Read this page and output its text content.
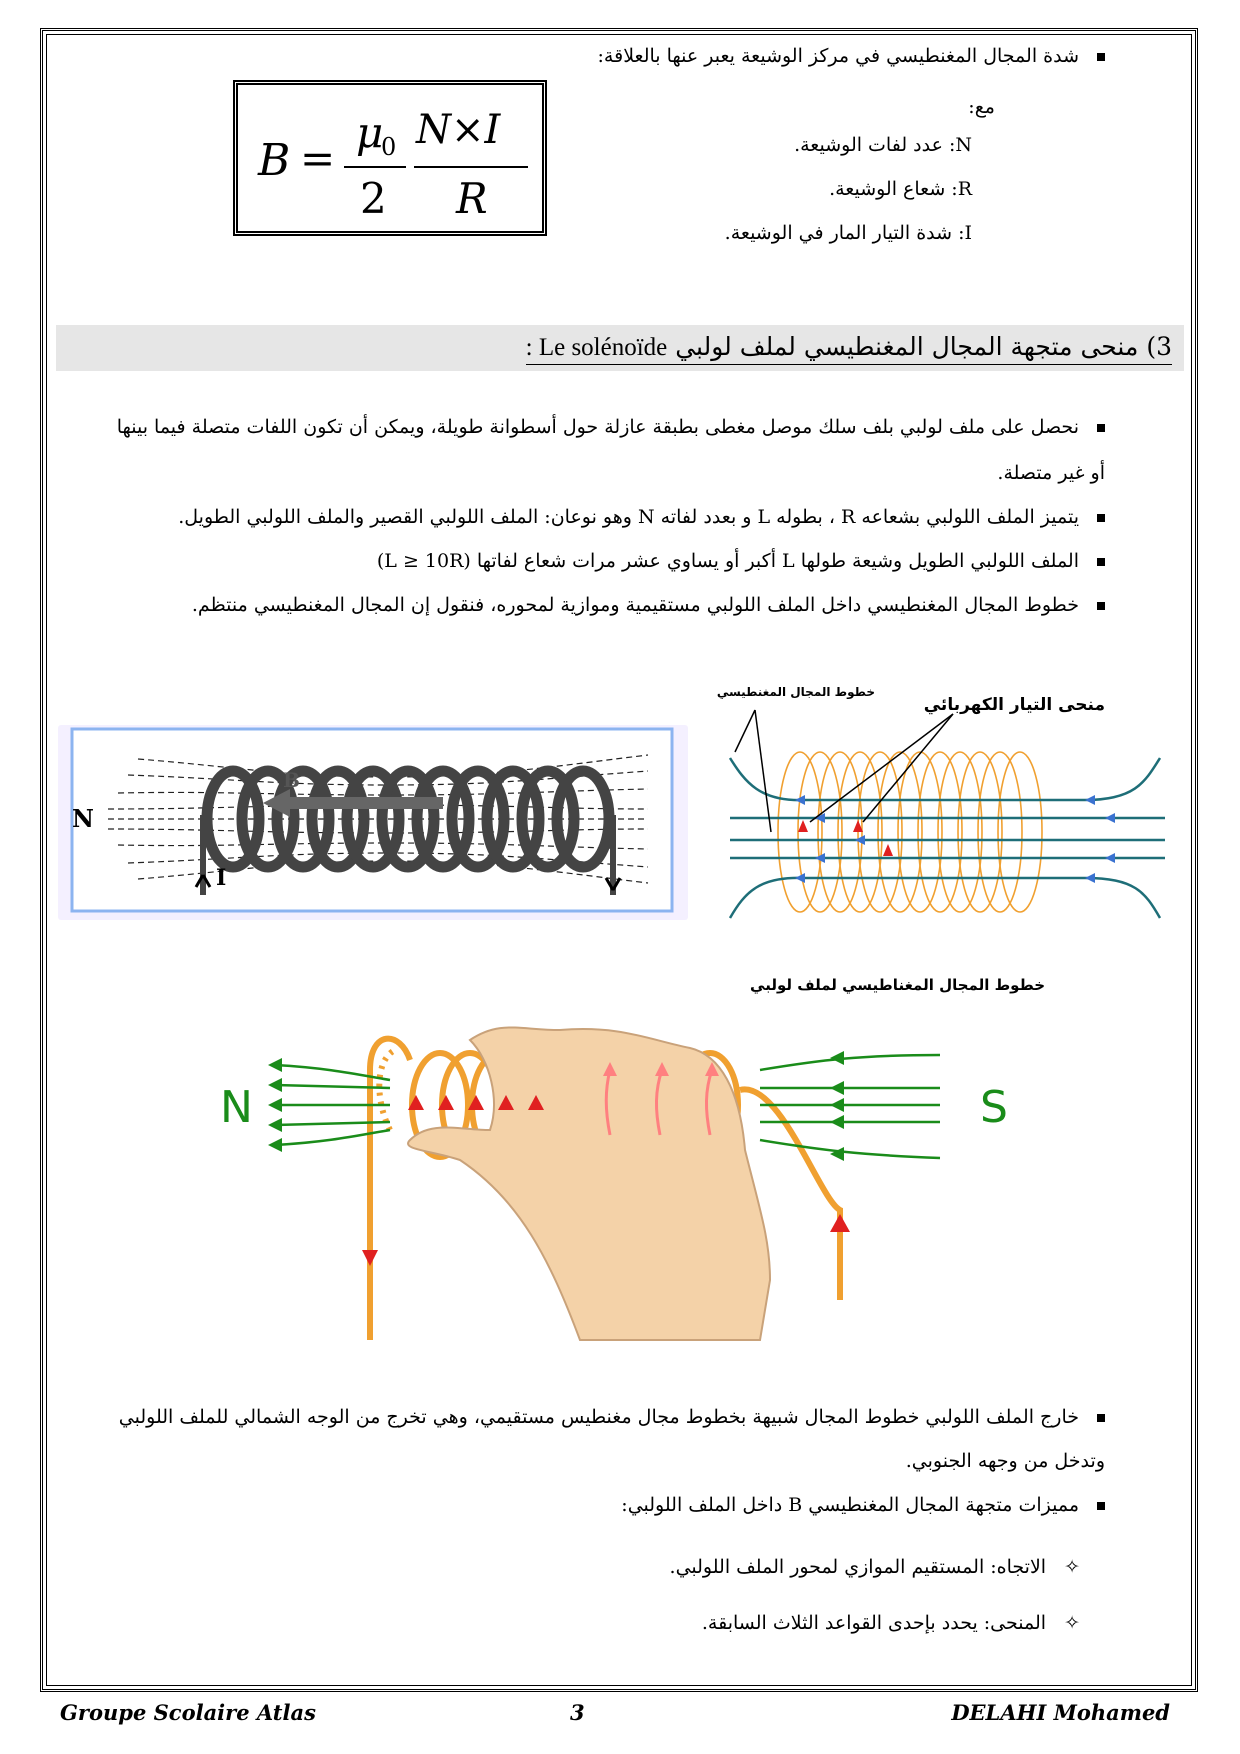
شدة المجال المغنطيسي في مركز الوشيعة يعبر عنها بالعلاقة:
مع:
N: عدد لفات الوشيعة.
R: شعاع الوشيعة.
I: شدة التيار المار في الوشيعة.
B =
μ
0
2
N×I
R
3) منحى متجهة المجال المغنطيسي لملف لولبي Le solénoïde :
نحصل على ملف لولبي بلف سلك موصل مغطى بطبقة عازلة حول أسطوانة طويلة، ويمكن أن تكون اللفات متصلة فيما بينها
أو غير متصلة.
يتميز الملف اللولبي بشعاعه R ، بطوله L و بعدد لفاته N وهو نوعان: الملف اللولبي القصير والملف اللولبي الطويل.
الملف اللولبي الطويل وشيعة طولها L أكبر أو يساوي عشر مرات شعاع لفاتها (L ≥ 10R)
خطوط المجال المغنطيسي داخل الملف اللولبي مستقيمية وموازية لمحوره، فنقول إن المجال المغنطيسي منتظم.
N
B
I
خطوط المجال المغنطيسي
منحى التيار الكهربائي
خطوط المجال المغناطيسي لملف لولبي
N	S
خارج الملف اللولبي خطوط المجال شبيهة بخطوط مجال مغنطيس مستقيمي، وهي تخرج من الوجه الشمالي للملف اللولبي
وتدخل من وجهه الجنوبي.
مميزات متجهة المجال المغنطيسي B داخل الملف اللولبي:
✧الاتجاه: المستقيم الموازي لمحور الملف اللولبي.
✧المنحى: يحدد بإحدى القواعد الثلاث السابقة.
Groupe Scolaire Atlas	3	DELAHI Mohamed
